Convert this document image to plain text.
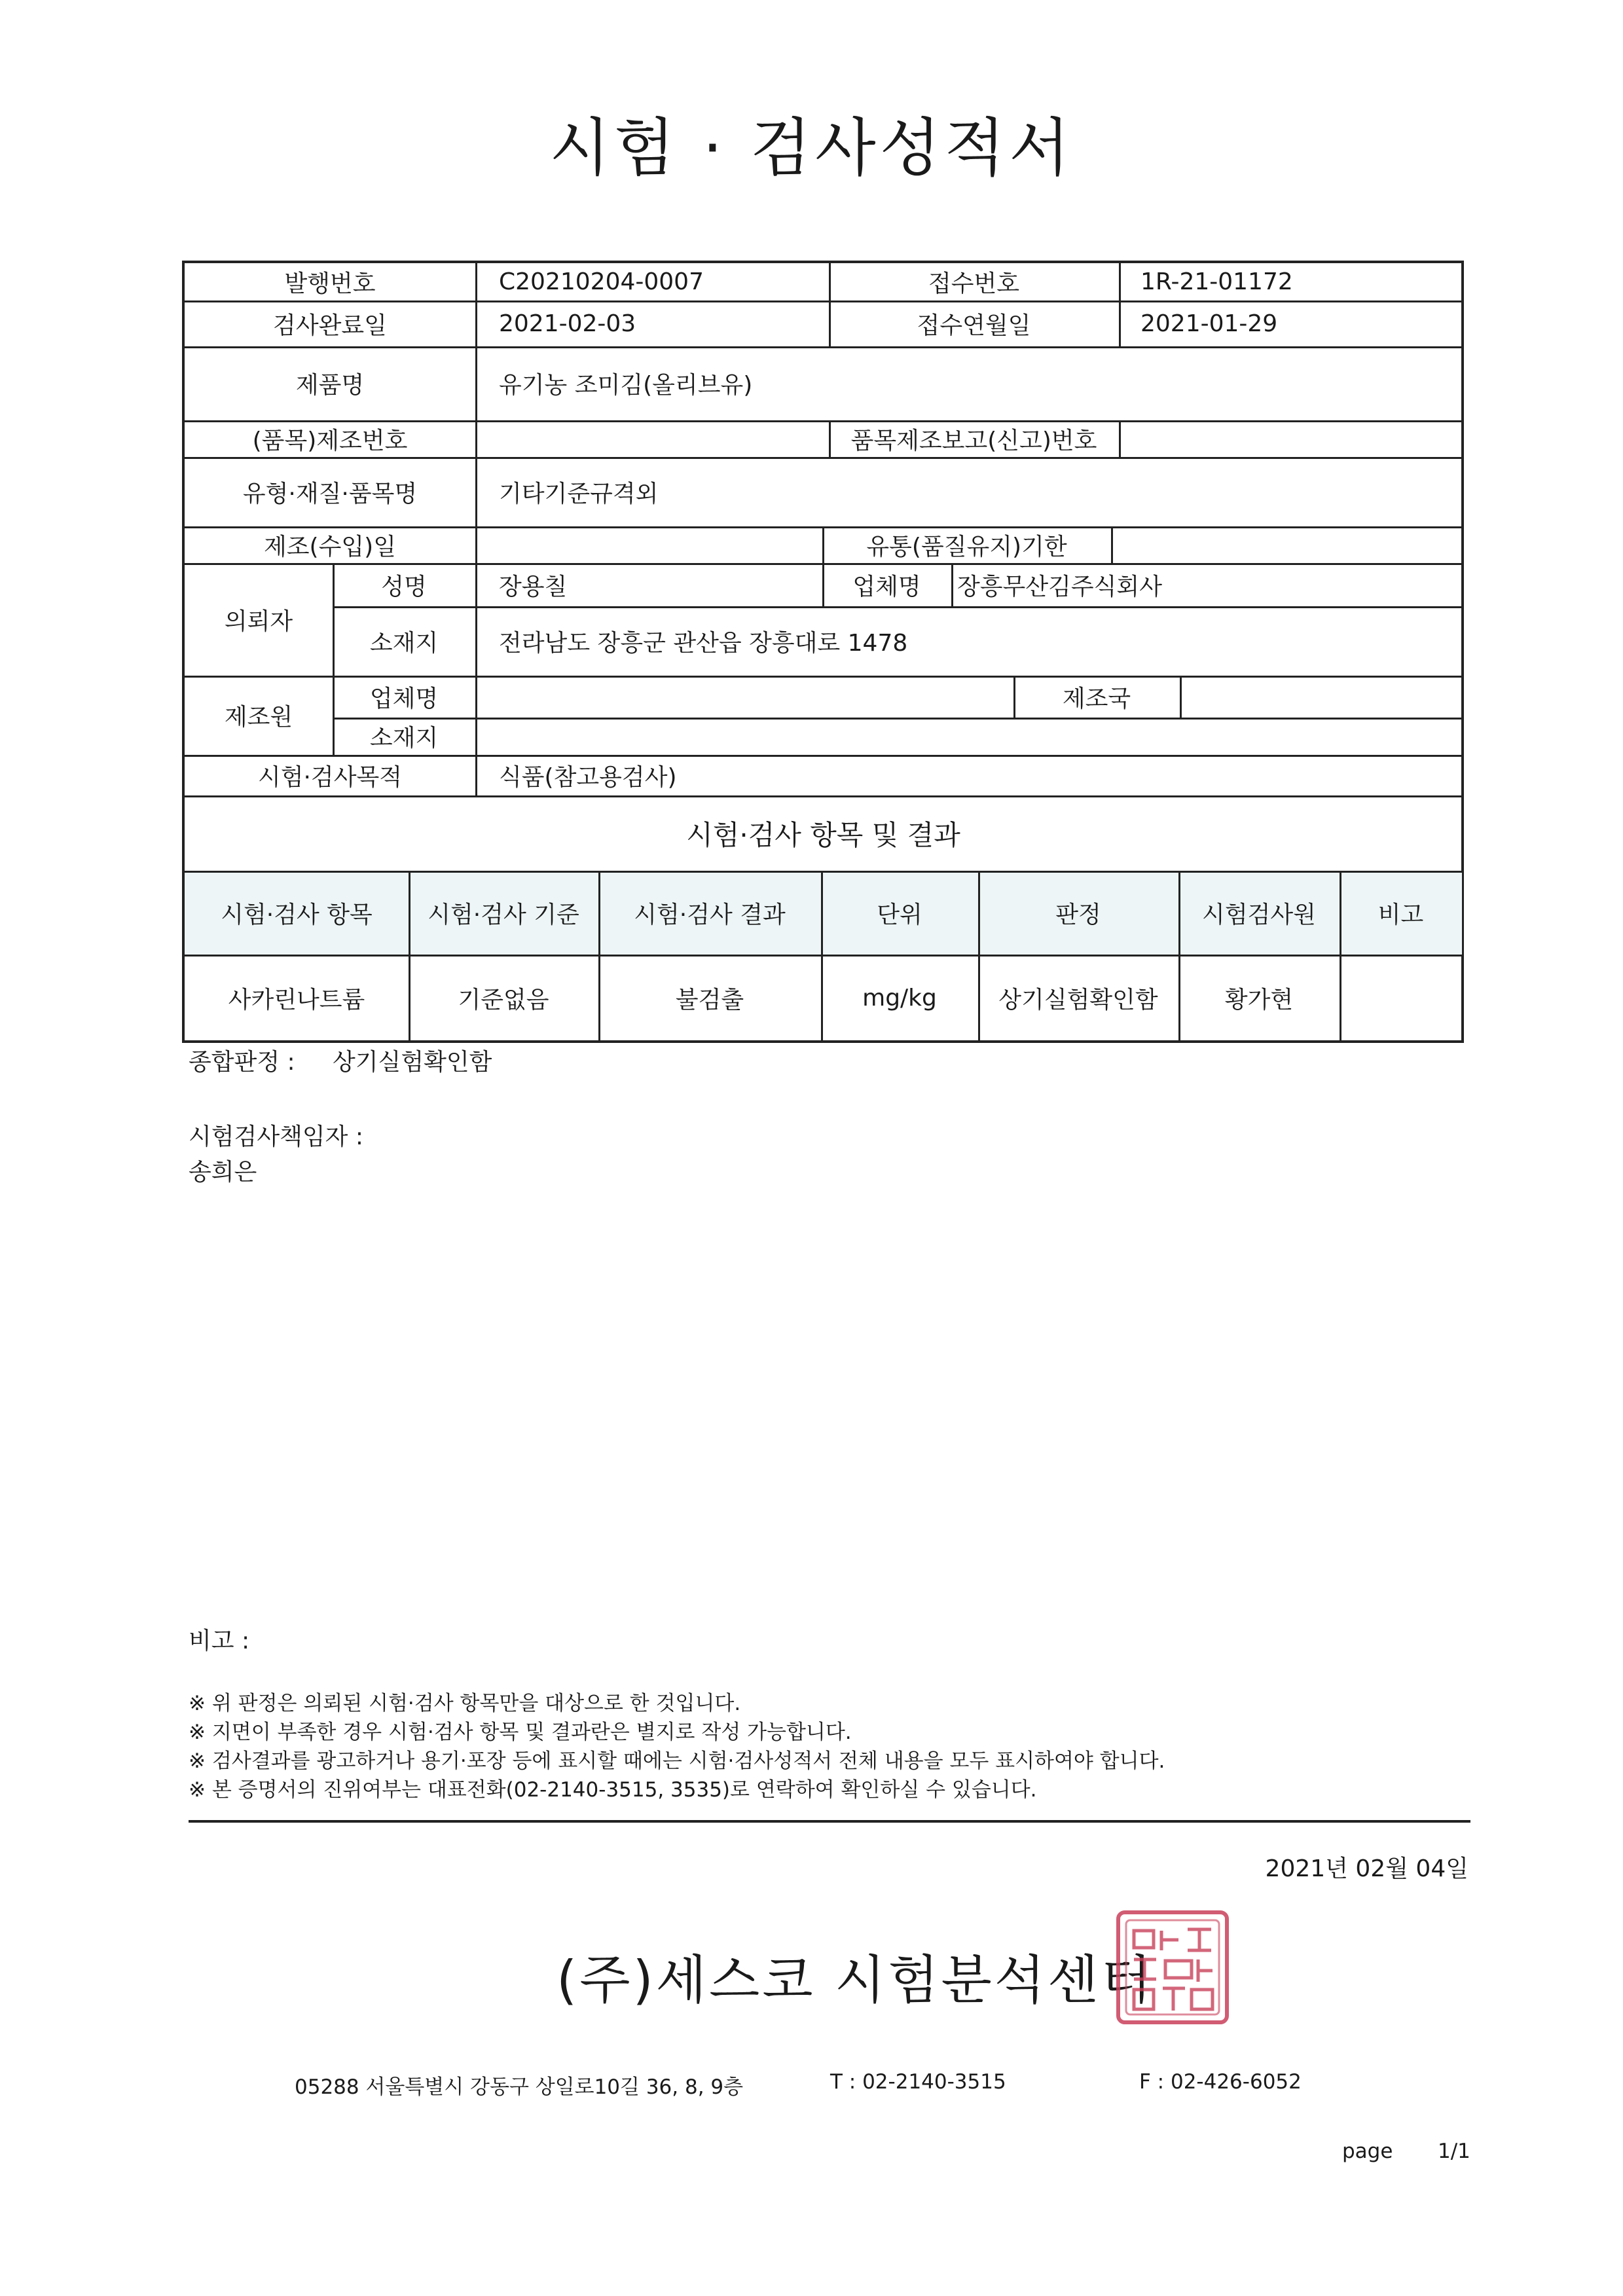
시험 · 검사성적서
발행번호	C20210204-0007	접수번호	1R-21-01172
검사완료일	2021-02-03	접수연월일	2021-01-29
제품명	유기농 조미김(올리브유)
(품목)제조번호	품목제조보고(신고)번호
유형·재질·품목명	기타기준규격외
제조(수입)일	유통(품질유지)기한
의뢰자
성명	장용칠	업체명	장흥무산김주식회사
소재지	전라남도 장흥군 관산읍 장흥대로 1478
제조원
업체명	제조국
소재지
시험·검사목적	식품(참고용검사)
시험·검사 항목 및 결과
시험·검사 항목	시험·검사 기준	시험·검사 결과	단위	판정	시험검사원	비고
사카린나트륨	기준없음	불검출	mg/kg	상기실험확인함	황가현
종합판정 : 상기실험확인함
시험검사책임자 :
송희은
비고 :
※ 위 판정은 의뢰된 시험·검사 항목만을 대상으로 한 것입니다.
※ 지면이 부족한 경우 시험·검사 항목 및 결과란은 별지로 작성 가능합니다.
※ 검사결과를 광고하거나 용기·포장 등에 표시할 때에는 시험·검사성적서 전체 내용을 모두 표시하여야 합니다.
※ 본 증명서의 진위여부는 대표전화(02-2140-3515, 3535)로 연락하여 확인하실 수 있습니다.
2021년 02월 04일
(주)세스코 시험분석센터
05288 서울특별시 강동구 상일로10길 36, 8, 9층	T : 02-2140-3515	F : 02-426-6052
page 1/1
